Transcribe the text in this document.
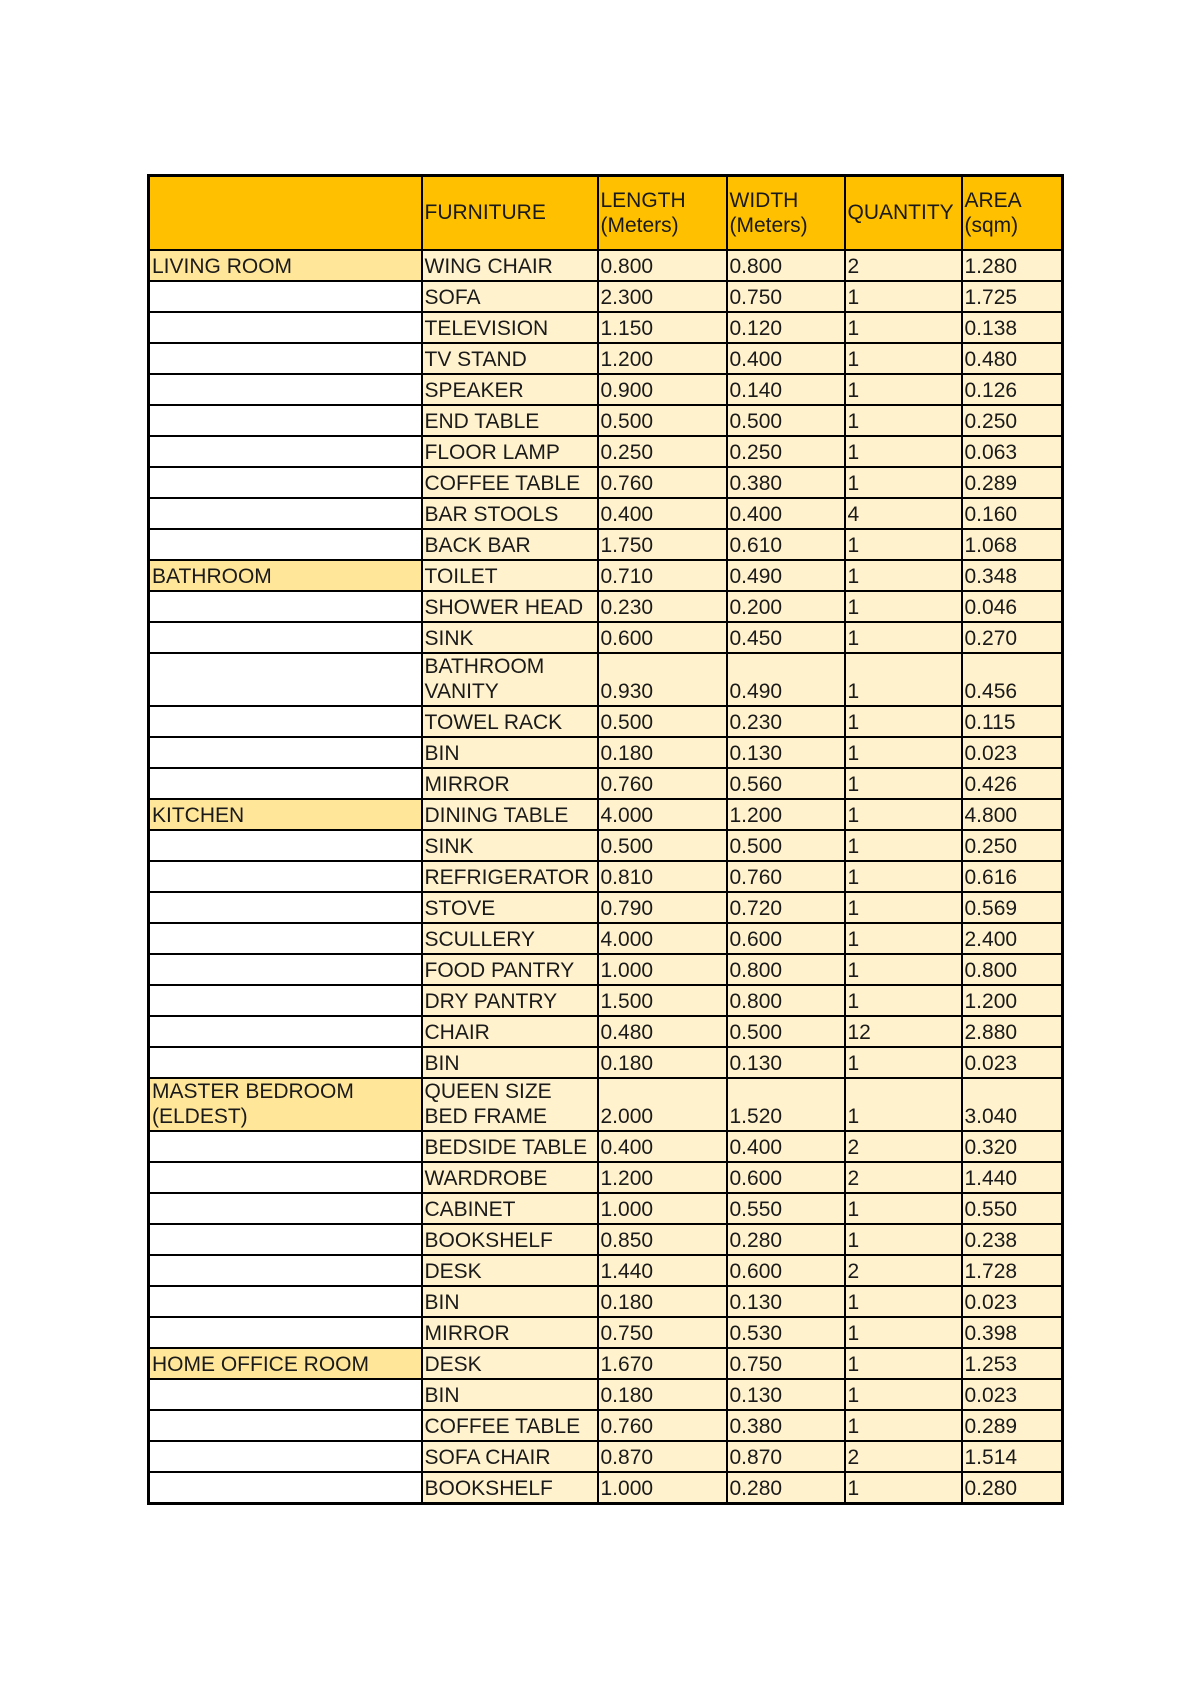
	FURNITURE	LENGTH (Meters)	WIDTH (Meters)	QUANTITY	AREA (sqm)
LIVING ROOM	WING CHAIR	0.800	0.800	2	1.280
	SOFA	2.300	0.750	1	1.725
	TELEVISION	1.150	0.120	1	0.138
	TV STAND	1.200	0.400	1	0.480
	SPEAKER	0.900	0.140	1	0.126
	END TABLE	0.500	0.500	1	0.250
	FLOOR LAMP	0.250	0.250	1	0.063
	COFFEE TABLE	0.760	0.380	1	0.289
	BAR STOOLS	0.400	0.400	4	0.160
	BACK BAR	1.750	0.610	1	1.068
BATHROOM	TOILET	0.710	0.490	1	0.348
	SHOWER HEAD	0.230	0.200	1	0.046
	SINK	0.600	0.450	1	0.270
	BATHROOM VANITY	0.930	0.490	1	0.456
	TOWEL RACK	0.500	0.230	1	0.115
	BIN	0.180	0.130	1	0.023
	MIRROR	0.760	0.560	1	0.426
KITCHEN	DINING TABLE	4.000	1.200	1	4.800
	SINK	0.500	0.500	1	0.250
	REFRIGERATOR	0.810	0.760	1	0.616
	STOVE	0.790	0.720	1	0.569
	SCULLERY	4.000	0.600	1	2.400
	FOOD PANTRY	1.000	0.800	1	0.800
	DRY PANTRY	1.500	0.800	1	1.200
	CHAIR	0.480	0.500	12	2.880
	BIN	0.180	0.130	1	0.023
MASTER BEDROOM (ELDEST)	QUEEN SIZE BED FRAME	2.000	1.520	1	3.040
	BEDSIDE TABLE	0.400	0.400	2	0.320
	WARDROBE	1.200	0.600	2	1.440
	CABINET	1.000	0.550	1	0.550
	BOOKSHELF	0.850	0.280	1	0.238
	DESK	1.440	0.600	2	1.728
	BIN	0.180	0.130	1	0.023
	MIRROR	0.750	0.530	1	0.398
HOME OFFICE ROOM	DESK	1.670	0.750	1	1.253
	BIN	0.180	0.130	1	0.023
	COFFEE TABLE	0.760	0.380	1	0.289
	SOFA CHAIR	0.870	0.870	2	1.514
	BOOKSHELF	1.000	0.280	1	0.280
